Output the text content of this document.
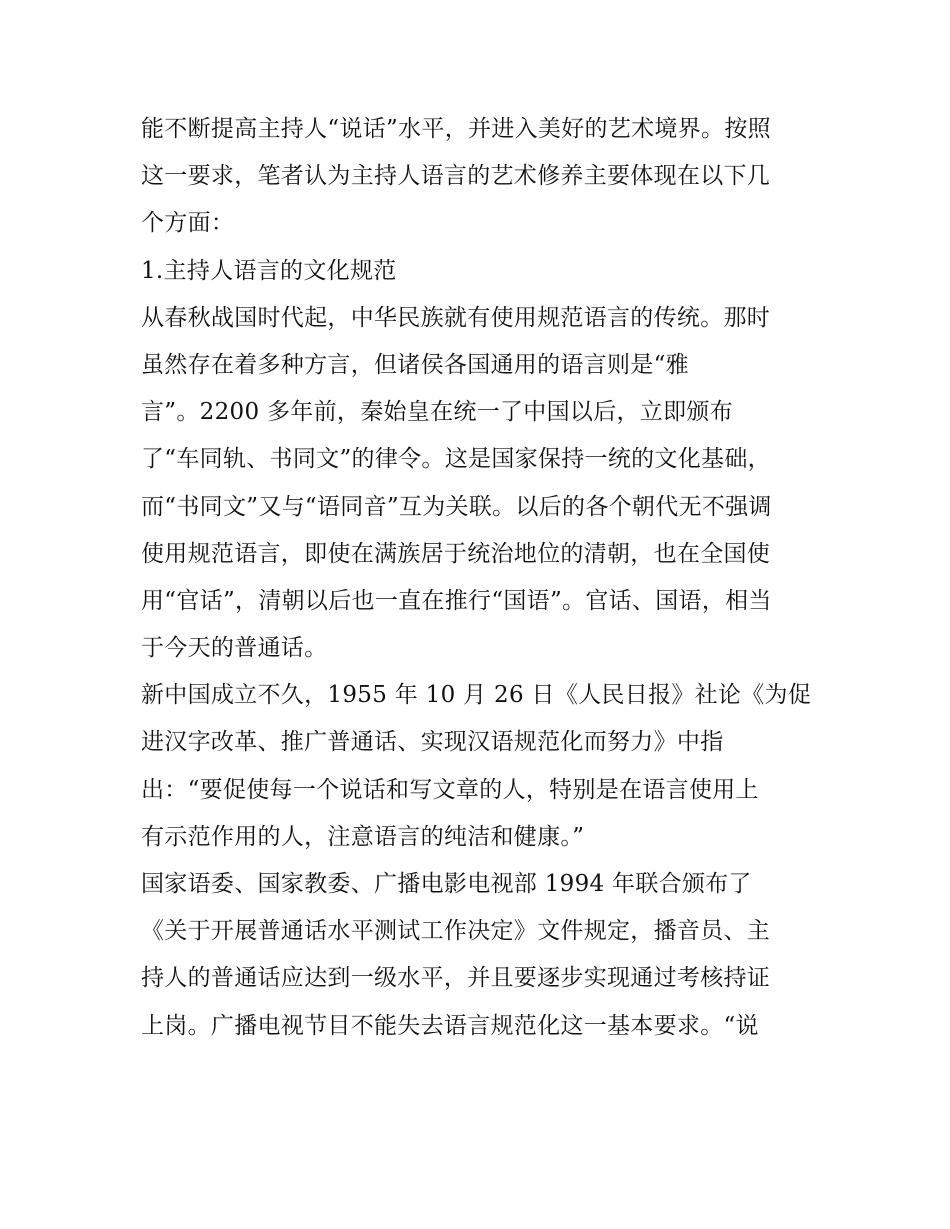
能不断提高主持人“说话”水平，并进入美好的艺术境界。按照

这一要求，笔者认为主持人语言的艺术修养主要体现在以下几

个方面：

1.主持人语言的文化规范

从春秋战国时代起，中华民族就有使用规范语言的传统。那时

虽然存在着多种方言，但诸侯各国通用的语言则是“雅

言”。2200 多年前，秦始皇在统一了中国以后，立即颁布

了“车同轨、书同文”的律令。这是国家保持一统的文化基础，

而“书同文”又与“语同音”互为关联。以后的各个朝代无不强调

使用规范语言，即使在满族居于统治地位的清朝，也在全国使

用“官话”，清朝以后也一直在推行“国语”。官话、国语，相当

于今天的普通话。

新中国成立不久，1955 年 10 月 26 日《人民日报》社论《为促

进汉字改革、推广普通话、实现汉语规范化而努力》中指

出：“要促使每一个说话和写文章的人，特别是在语言使用上

有示范作用的人，注意语言的纯洁和健康。”

国家语委、国家教委、广播电影电视部 1994 年联合颁布了

《关于开展普通话水平测试工作决定》文件规定，播音员、主

持人的普通话应达到一级水平，并且要逐步实现通过考核持证

上岗。广播电视节目不能失去语言规范化这一基本要求。“说
